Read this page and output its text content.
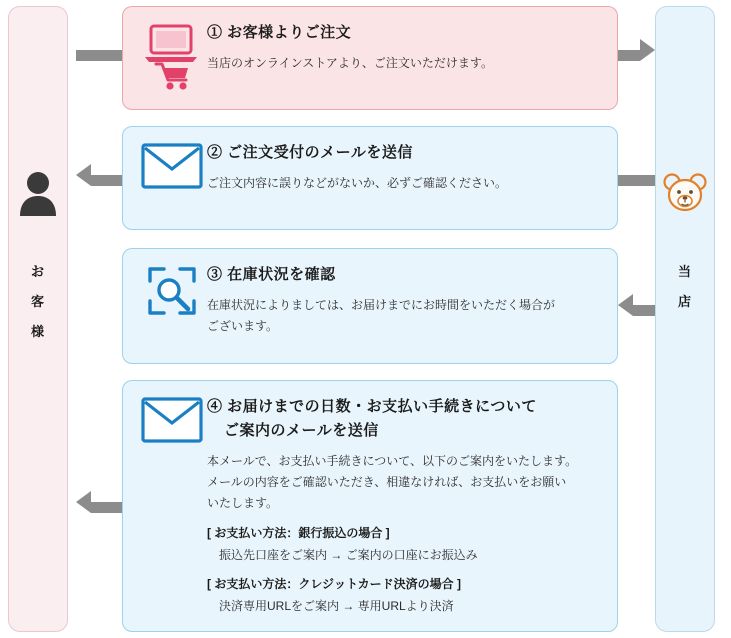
お
客
様
当
店

① お客様よりご注文

当店のオンラインストアより、ご注文いただけます。

② ご注文受付のメールを送信

ご注文内容に誤りなどがないか、必ずご確認ください。

③ 在庫状況を確認

在庫状況によりましては、お届けまでにお時間をいただく場合が

ございます。

④ お届けまでの日数・お支払い手続きについて
ご案内のメールを送信

本メールで、お支払い手続きについて、以下のご案内をいたします。

メールの内容をご確認いただき、相違なければ、お支払いをお願い

いたします。

[ お支払い方法：銀行振込の場合 ]

振込先口座をご案内 → ご案内の口座にお振込み

[ お支払い方法：クレジットカード決済の場合 ]

決済専用URLをご案内 → 専用URLより決済
